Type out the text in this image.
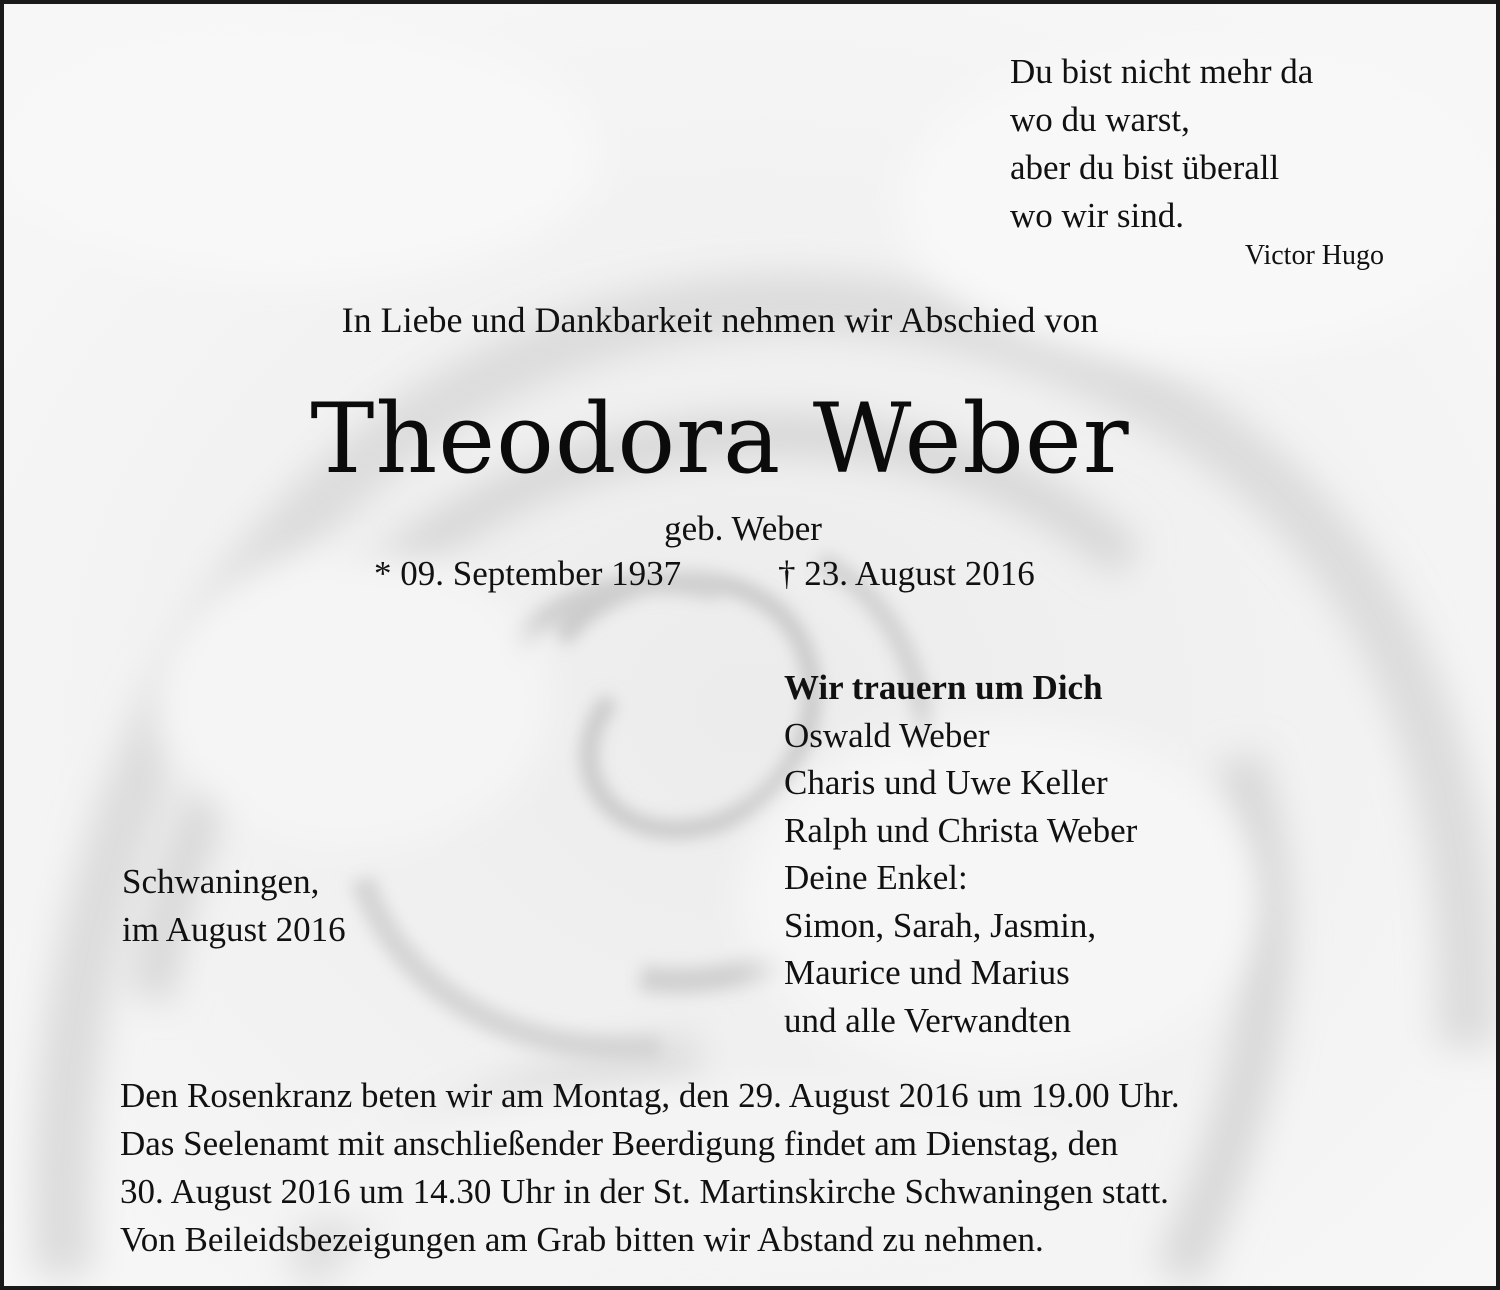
Du bist nicht mehr da
wo du warst,
aber du bist überall
wo wir sind.
Victor Hugo
In Liebe und Dankbarkeit nehmen wir Abschied von
Theodora Weber
geb. Weber
* 09. September 1937	† 23. August 2016
Wir trauern um Dich
Oswald Weber
Charis und Uwe Keller
Ralph und Christa Weber
Deine Enkel:
Simon, Sarah, Jasmin,
Maurice und Marius
und alle Verwandten
Schwaningen,
im August 2016
Den Rosenkranz beten wir am Montag, den 29. August 2016 um 19.00 Uhr.
Das Seelenamt mit anschließender Beerdigung findet am Dienstag, den
30. August 2016 um 14.30 Uhr in der St. Martinskirche Schwaningen statt.
Von Beileidsbezeigungen am Grab bitten wir Abstand zu nehmen.
